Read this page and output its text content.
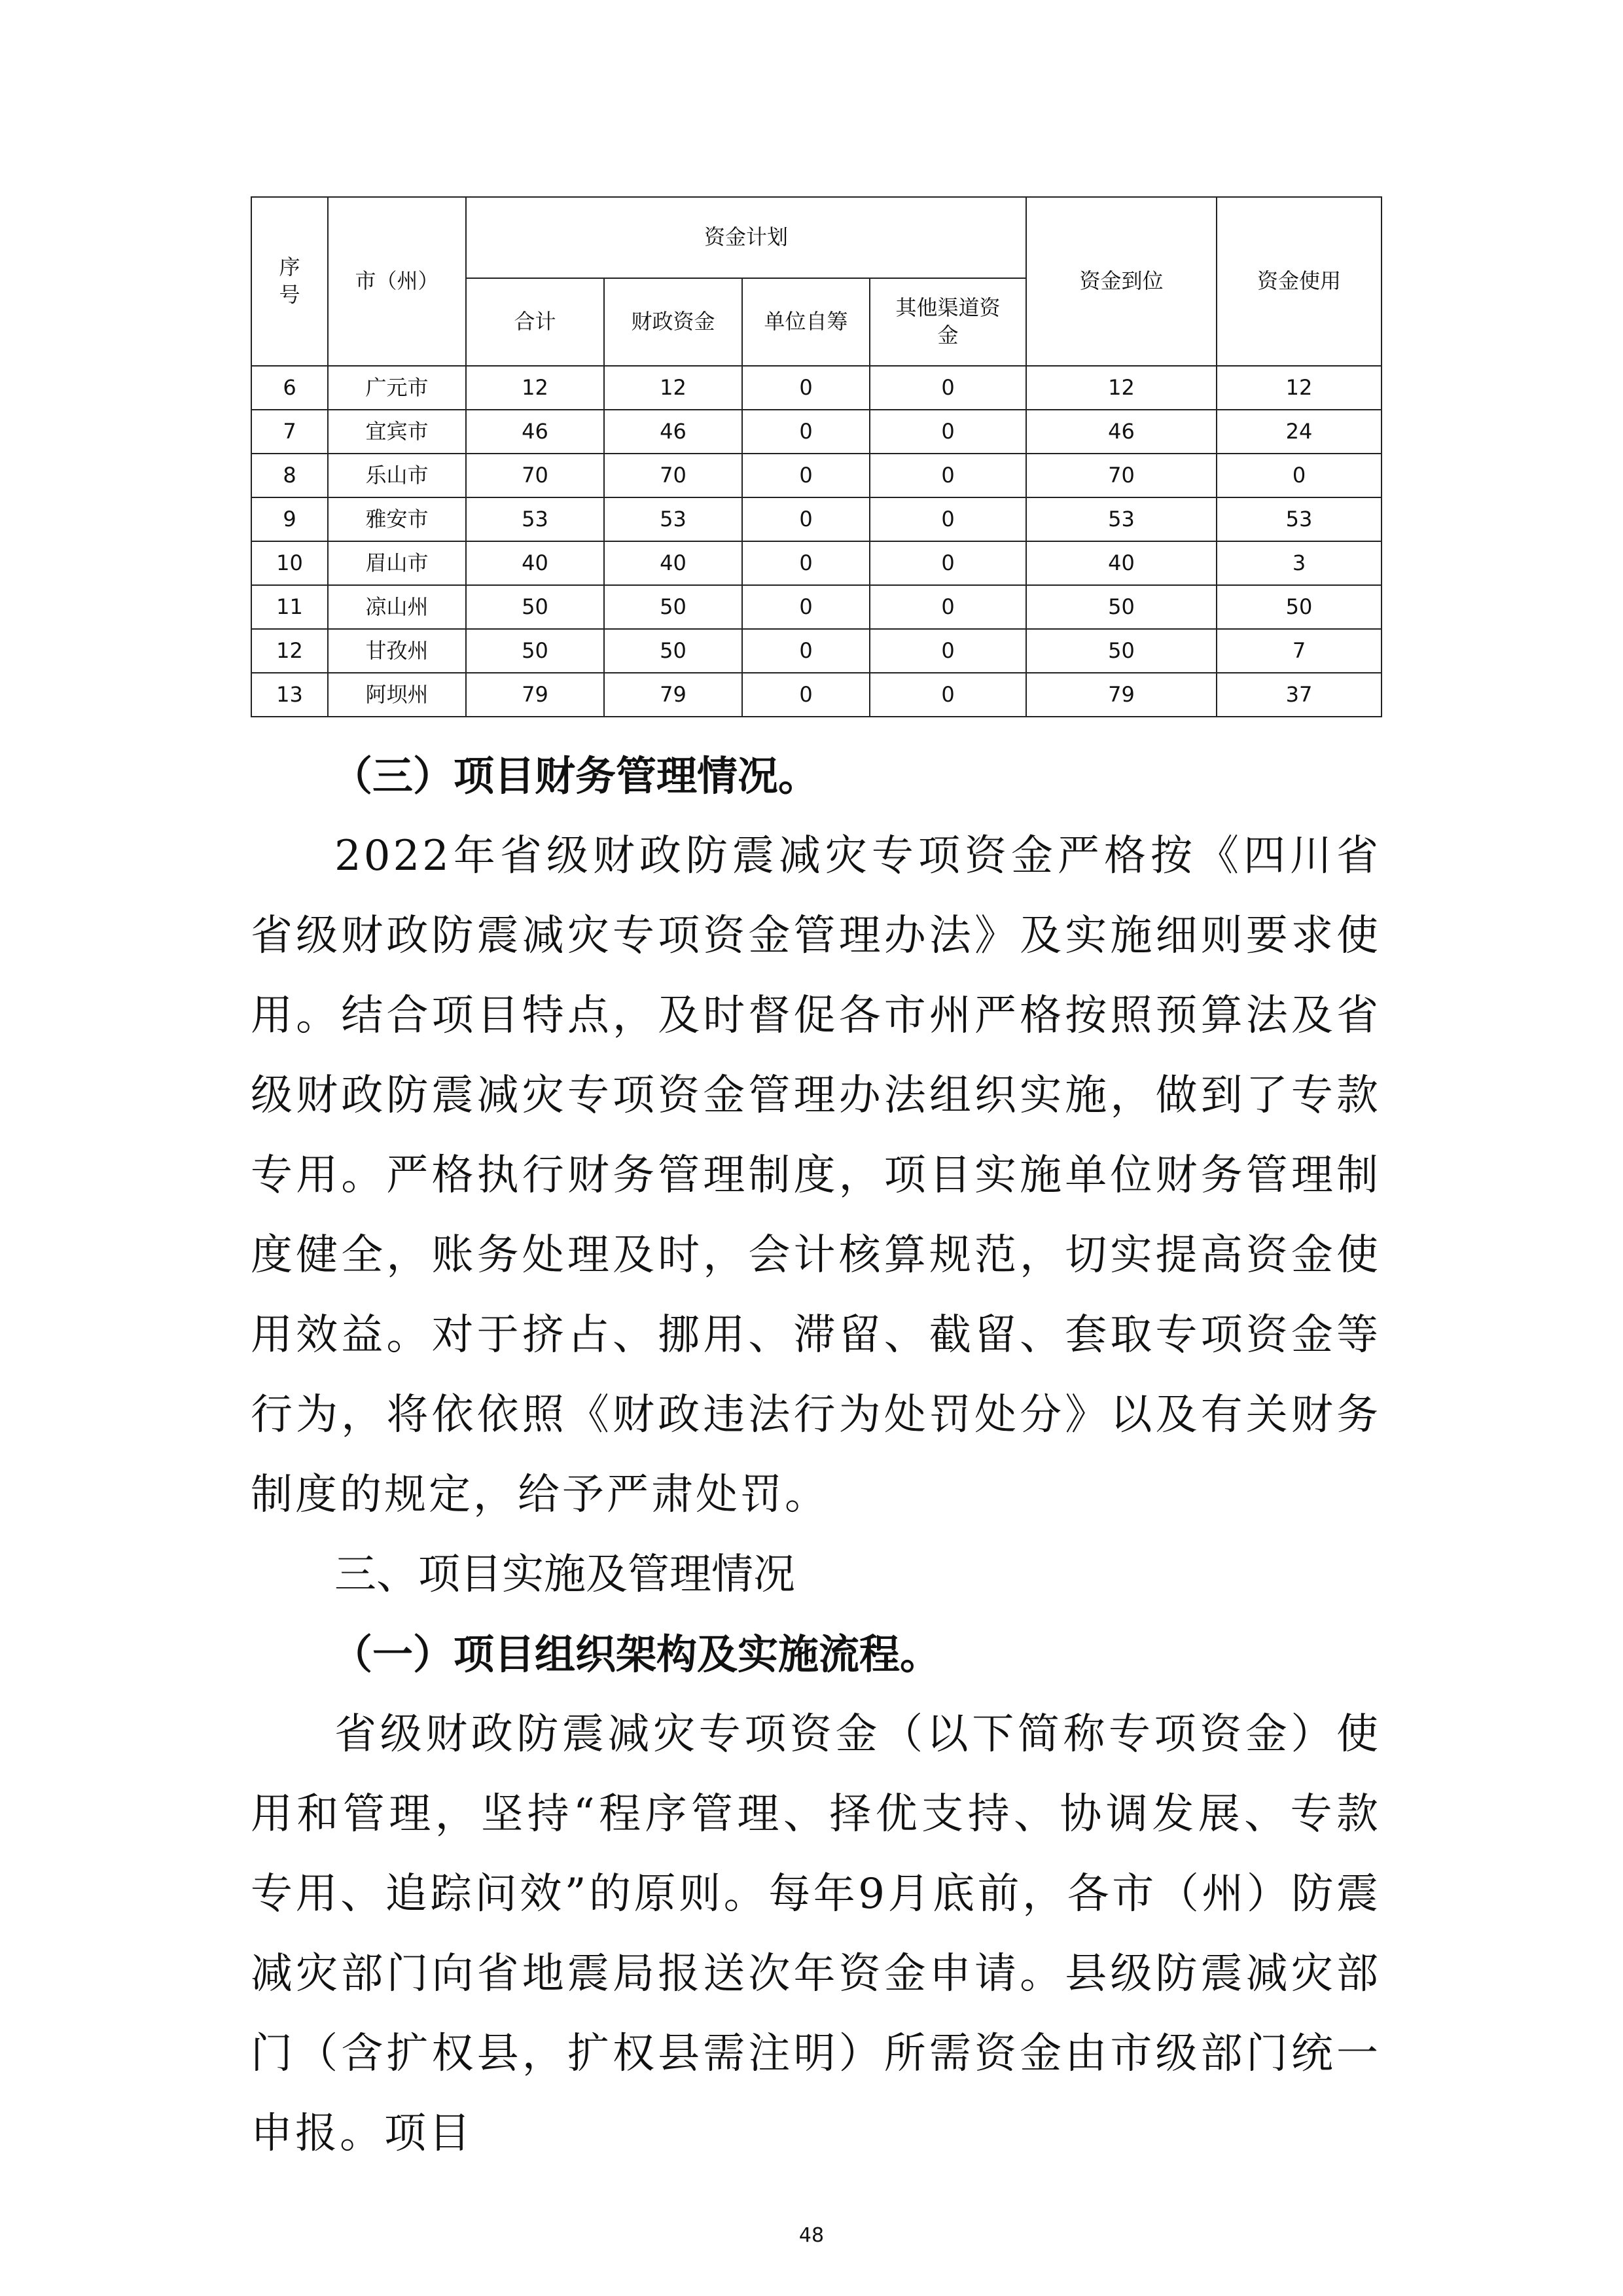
序
号	市（州）	资金计划				资金到位	资金使用
		合计	财政资金	单位自筹	其他渠道资金		
6	广元市	12	12	0	0	12	12
7	宜宾市	46	46	0	0	46	24
8	乐山市	70	70	0	0	70	0
9	雅安市	53	53	0	0	53	53
10	眉山市	40	40	0	0	40	3
11	凉山州	50	50	0	0	50	50
12	甘孜州	50	50	0	0	50	7
13	阿坝州	79	79	0	0	79	37

（三）项目财务管理情况。

2022年省级财政防震减灾专项资金严格按《四川省省级财政防震减灾专项资金管理办法》及实施细则要求使用。结合项目特点，及时督促各市州严格按照预算法及省级财政防震减灾专项资金管理办法组织实施，做到了专款专用。严格执行财务管理制度，项目实施单位财务管理制度健全，账务处理及时，会计核算规范，切实提高资金使用效益。对于挤占、挪用、滞留、截留、套取专项资金等行为，将依依照《财政违法行为处罚处分》以及有关财务制度的规定，给予严肃处罚。

三、项目实施及管理情况

（一）项目组织架构及实施流程。

省级财政防震减灾专项资金（以下简称专项资金）使用和管理，坚持“程序管理、择优支持、协调发展、专款专用、追踪问效”的原则。每年9月底前，各市（州）防震减灾部门向省地震局报送次年资金申请。县级防震减灾部门（含扩权县，扩权县需注明）所需资金由市级部门统一申报。项目

48
